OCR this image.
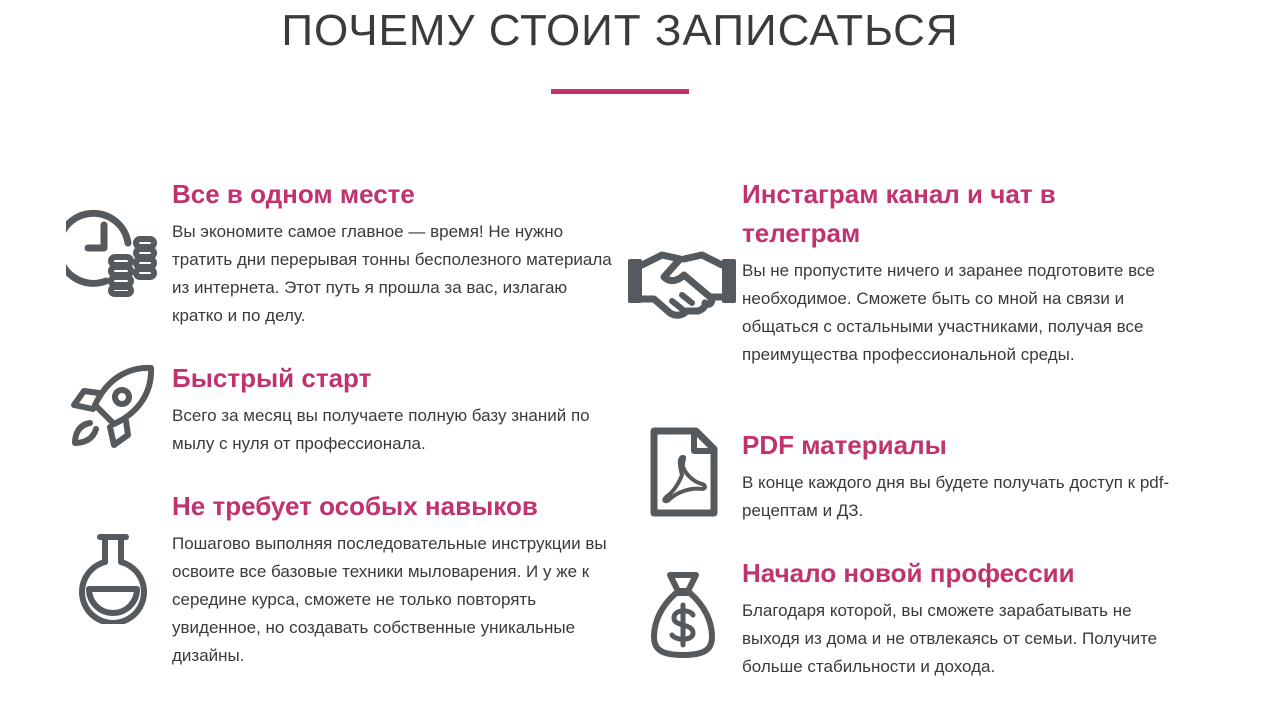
ПОЧЕМУ СТОИТ ЗАПИСАТЬСЯ
Все в одном месте

Вы экономите самое главное — время! Не нужно тратить дни перерывая тонны бесполезного материала из интернета. Этот путь я прошла за вас, излагаю кратко и по делу.

Быстрый старт

Всего за месяц вы получаете полную базу знаний по мылу с нуля от профессионала.

Не требует особых навыков

Пошагово выполняя последовательные инструкции вы освоите все базовые техники мыловарения. И у же к середине курса, сможете не только повторять увиденное, но создавать собственные уникальные дизайны.

Инстаграм канал и чат в телеграм

Вы не пропустите ничего и заранее подготовите все необходимое. Сможете быть со мной на связи и общаться с остальными участниками, получая все преимущества профессиональной среды.

PDF материалы

В конце каждого дня вы будете получать доступ к pdf-рецептам и ДЗ.

Начало новой профессии

Благодаря которой, вы сможете зарабатывать не выходя из дома и не отвлекаясь от семьи. Получите больше стабильности и дохода.
